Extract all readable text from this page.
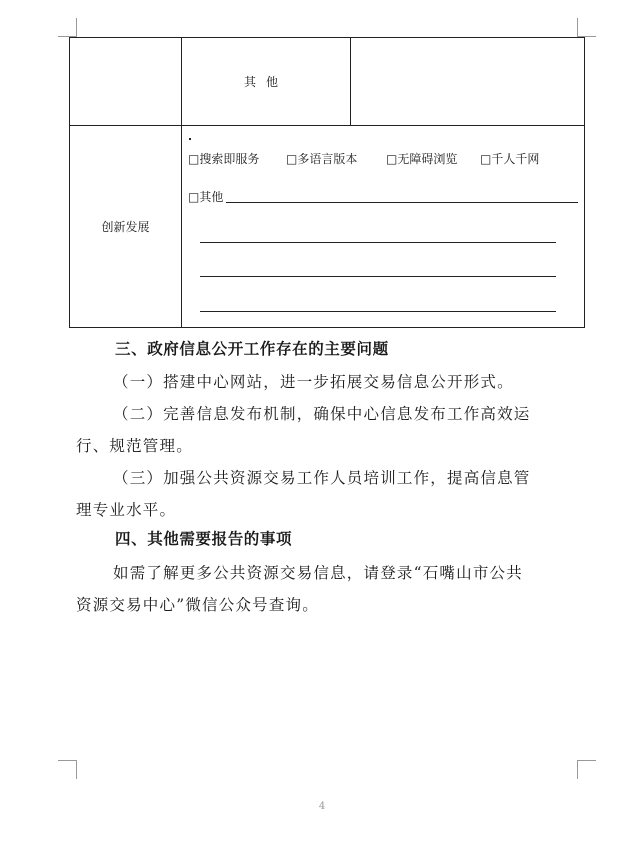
	其他	
创新发展	□搜索即服务 □多语言版本 □无障碍浏览 □千人千网
□其他	
三、政府信息公开工作存在的主要问题
（一）搭建中心网站，进一步拓展交易信息公开形式。
（二）完善信息发布机制，确保中心信息发布工作高效运
行、规范管理。
（三）加强公共资源交易工作人员培训工作，提高信息管
理专业水平。
四、其他需要报告的事项
如需了解更多公共资源交易信息，请登录“石嘴山市公共
资源交易中心”微信公众号查询。
4
